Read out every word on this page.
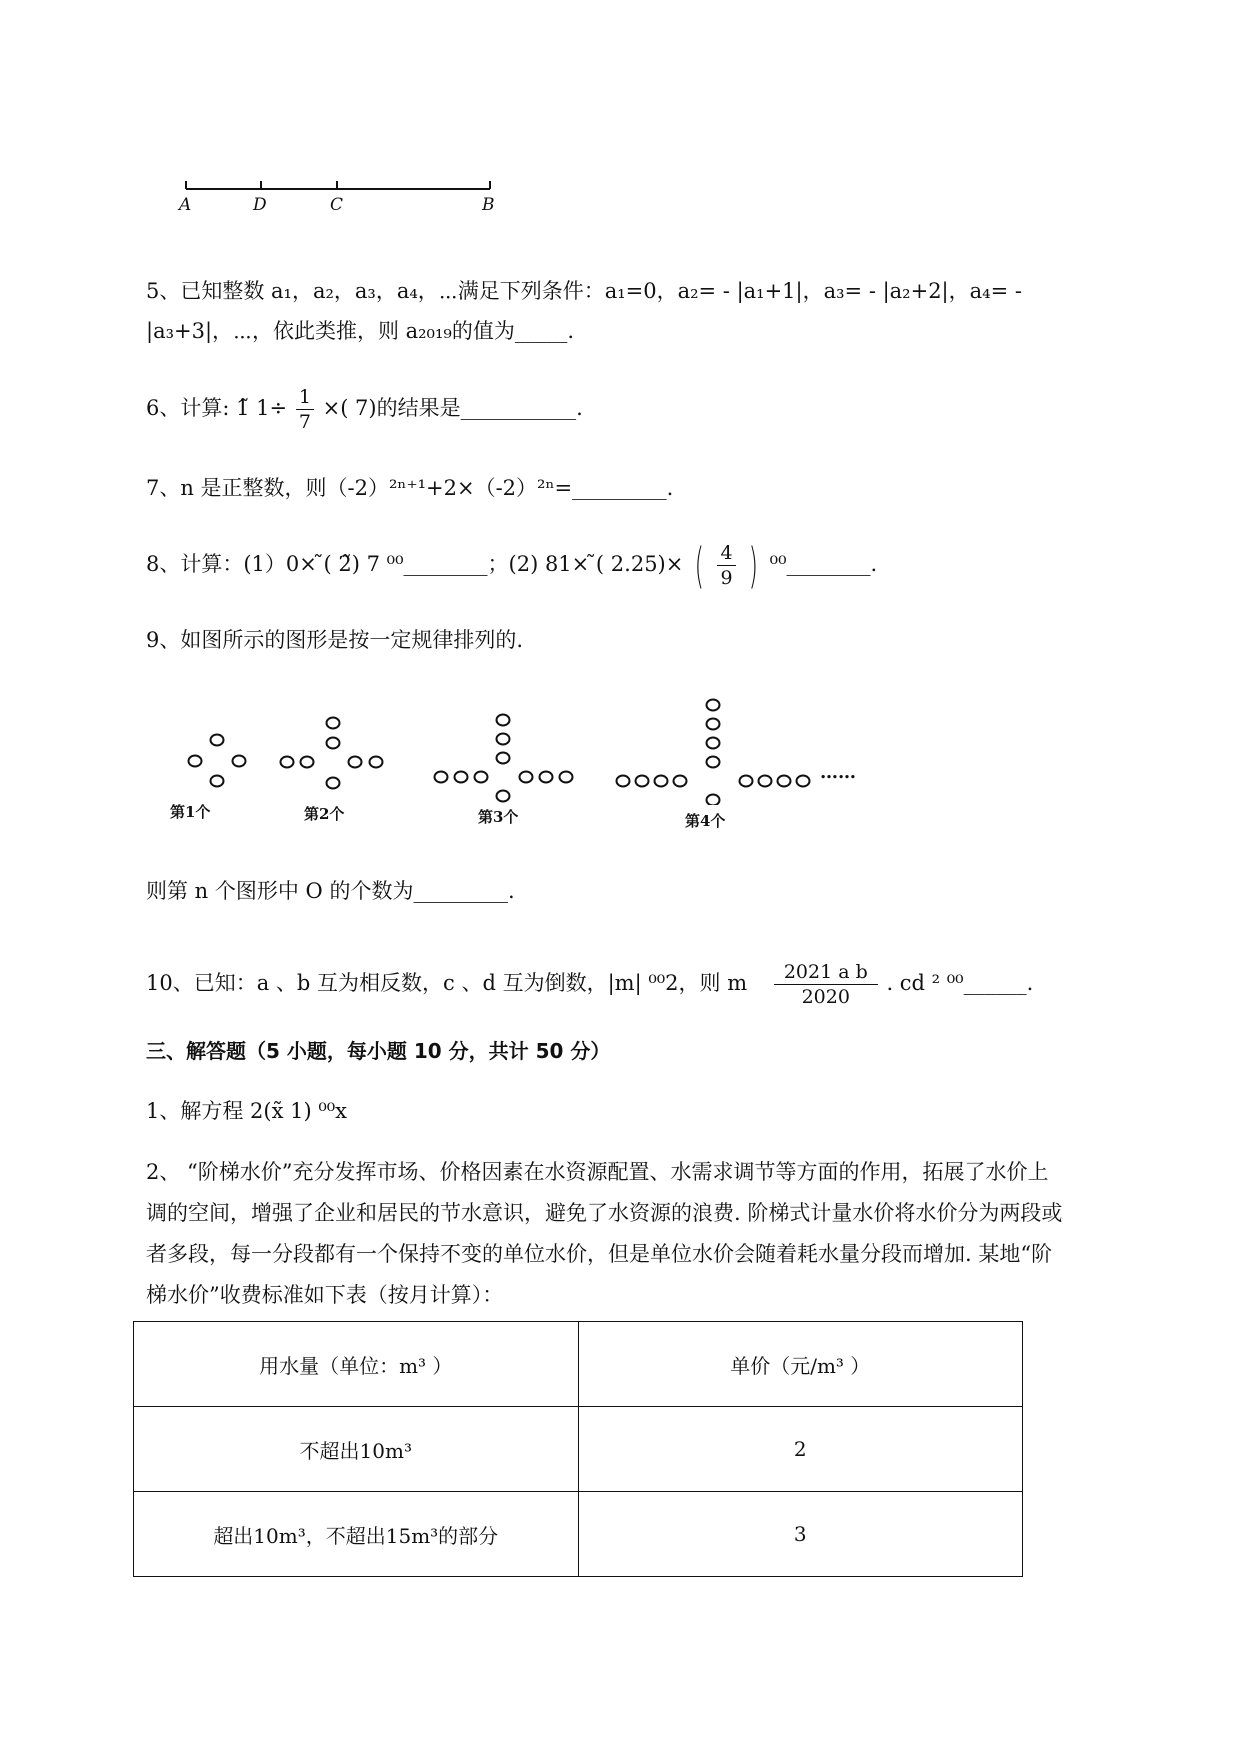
A	D	C	B
5、已知整数 a₁，a₂，a₃，a₄，⋯满足下列条件：a₁=0，a₂= - |a₁+1|，a₃= - |a₂+2|，a₄= -
|a₃+3|，⋯，依此类推，则 a₂₀₁₉的值为_____.
6、计算: 1̃ $1\div \frac{1}{7}$ ×( 7)的结果是___________.
7、n 是正整数，则（-2）²ⁿ⁺¹+2×（-2）²ⁿ=_________.
8、计算：(1）0× ̃( 2̃) 7 ⁰⁰________；(2) 81× ̃( 2.25)× ( $\frac{4}{9}$ ) ⁰⁰________.
9、如图所示的图形是按一定规律排列的.
……
第1个	第2个	第3个	第4个
则第 n 个图形中 O 的个数为_________.
10、已知：a 、b 互为相反数，c 、d 互为倒数，|m| ⁰⁰2，则 m $\frac{\text{2021 a b}}{2020}$ . cd ² ⁰⁰______.
三、解答题（5 小题，每小题 10 分，共计 50 分）
1、解方程 2(x̃ 1) ⁰⁰x
2、 “阶梯水价”充分发挥市场、价格因素在水资源配置、水需求调节等方面的作用，拓展了水价上
调的空间，增强了企业和居民的节水意识，避免了水资源的浪费. 阶梯式计量水价将水价分为两段或
者多段，每一分段都有一个保持不变的单位水价，但是单位水价会随着耗水量分段而增加. 某地“阶
梯水价”收费标准如下表（按月计算）：
用水量（单位：m³ ）	单价（元/m³ ）
不超出10m³	2
超出10m³，不超出15m³的部分	3
